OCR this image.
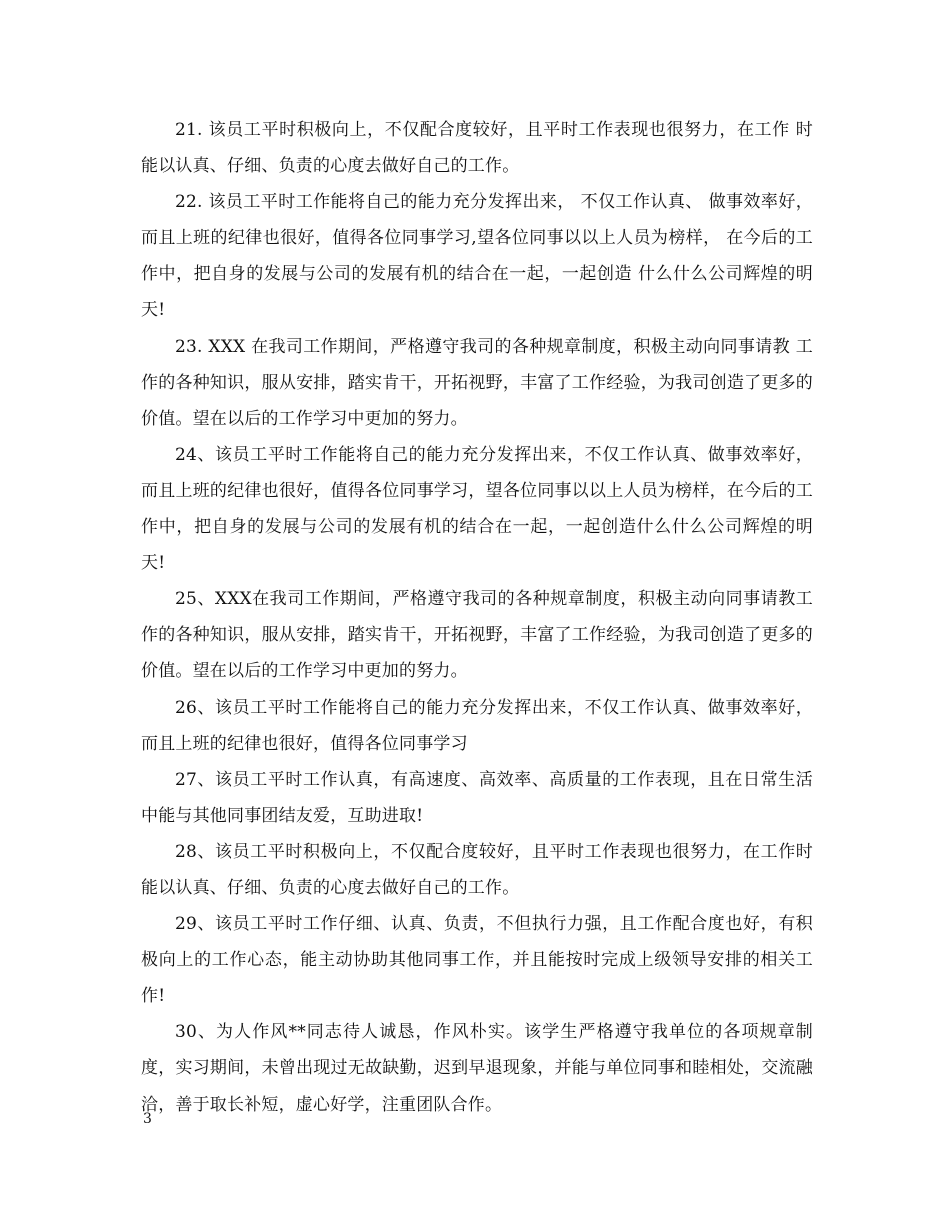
21. 该员工平时积极向上，不仅配合度较好，且平时工作表现也很努力，在工作 时能以认真、仔细、负责的心度去做好自己的工作。

22. 该员工平时工作能将自己的能力充分发挥出来， 不仅工作认真、 做事效率好， 而且上班的纪律也很好，值得各位同事学习,望各位同事以以上人员为榜样， 在今后的工作中，把自身的发展与公司的发展有机的结合在一起，一起创造 什么什么公司辉煌的明天!

23. XXX 在我司工作期间，严格遵守我司的各种规章制度，积极主动向同事请教 工作的各种知识，服从安排，踏实肯干，开拓视野，丰富了工作经验，为我司创造了更多的价值。望在以后的工作学习中更加的努力。

24、该员工平时工作能将自己的能力充分发挥出来，不仅工作认真、做事效率好，而且上班的纪律也很好，值得各位同事学习，望各位同事以以上人员为榜样，在今后的工作中，把自身的发展与公司的发展有机的结合在一起，一起创造什么什么公司辉煌的明天!

25、XXX在我司工作期间，严格遵守我司的各种规章制度，积极主动向同事请教工作的各种知识，服从安排，踏实肯干，开拓视野，丰富了工作经验，为我司创造了更多的价值。望在以后的工作学习中更加的努力。

26、该员工平时工作能将自己的能力充分发挥出来，不仅工作认真、做事效率好，而且上班的纪律也很好，值得各位同事学习

27、该员工平时工作认真，有高速度、高效率、高质量的工作表现，且在日常生活中能与其他同事团结友爱，互助进取!

28、该员工平时积极向上，不仅配合度较好，且平时工作表现也很努力，在工作时能以认真、仔细、负责的心度去做好自己的工作。

29、该员工平时工作仔细、认真、负责，不但执行力强，且工作配合度也好，有积极向上的工作心态，能主动协助其他同事工作，并且能按时完成上级领导安排的相关工作!

30、为人作风**同志待人诚恳，作风朴实。该学生严格遵守我单位的各项规章制度，实习期间，未曾出现过无故缺勤，迟到早退现象，并能与单位同事和睦相处，交流融洽，善于取长补短，虚心好学，注重团队合作。

3
